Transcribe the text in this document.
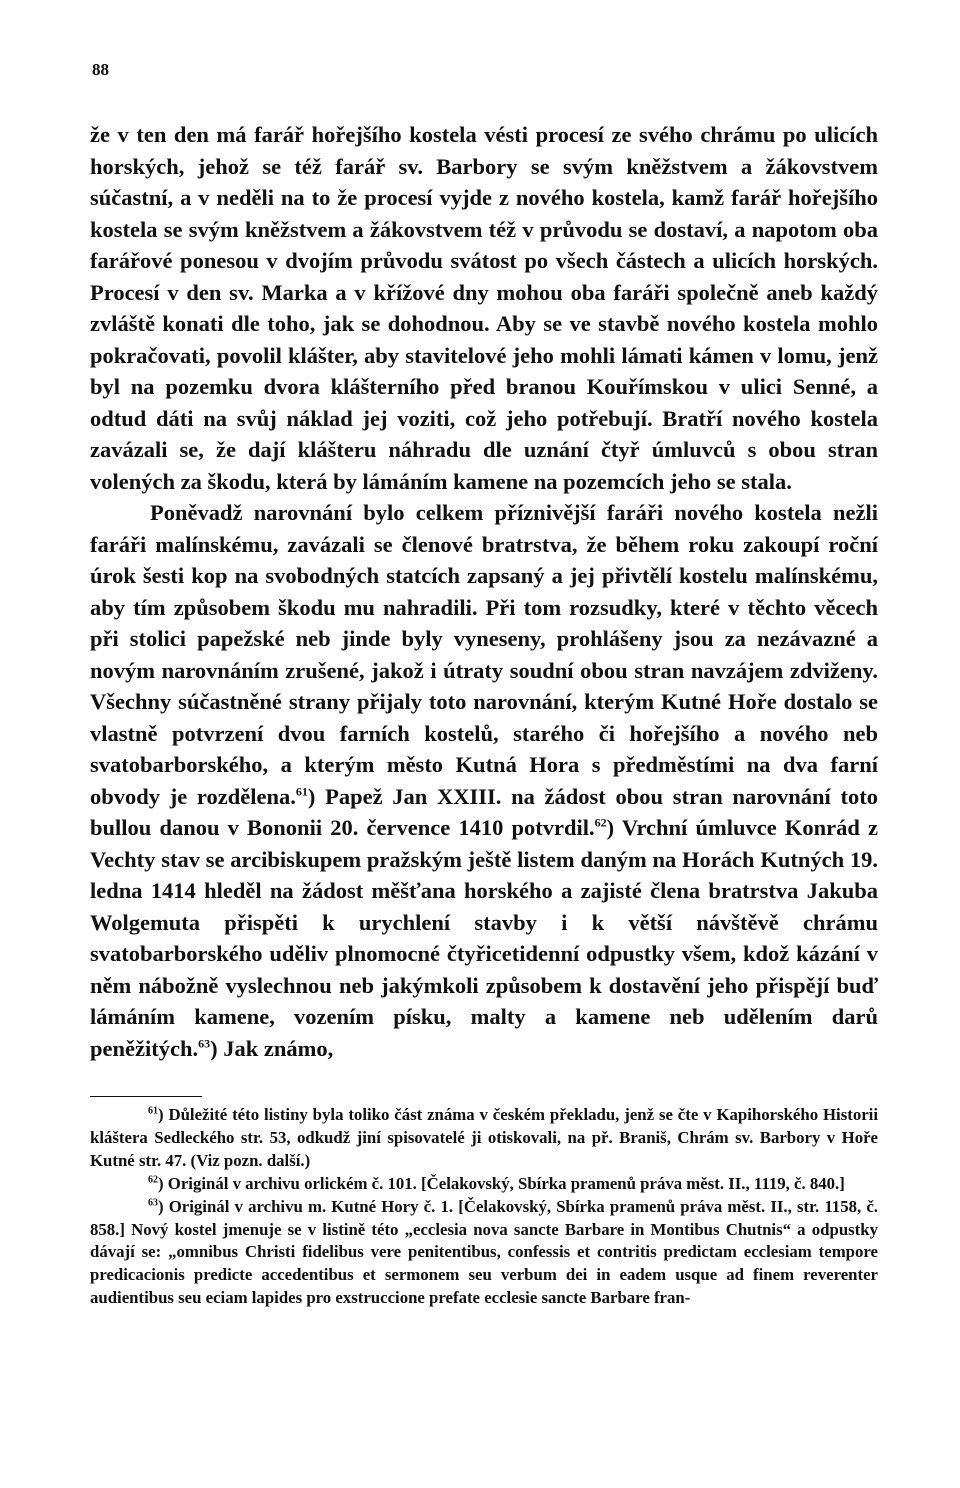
88

že v ten den má farář hořejšího kostela vésti procesí ze svého chrámu po ulicích horských, jehož se též farář sv. Barbory se svým kněžstvem a žákovstvem súčastní, a v neděli na to že procesí vyjde z nového kostela, kamž farář hořejšího kostela se svým kněžstvem a žákovstvem též v průvodu se dostaví, a napotom oba farářové ponesou v dvojím průvodu svátost po všech částech a ulicích horských. Procesí v den sv. Marka a v křížové dny mohou oba faráři společně aneb každý zvláště konati dle toho, jak se dohodnou. Aby se ve stavbě nového kostela mohlo pokračovati, povolil klášter, aby stavitelové jeho mohli lámati kámen v lomu, jenž byl na pozemku dvora klášterního před branou Kouřímskou v ulici Senné, a odtud dáti na svůj náklad jej voziti, což jeho potřebují. Bratří nového kostela zavázali se, že dají klášteru náhradu dle uznání čtyř úmluvců s obou stran volených za škodu, která by lámáním kamene na pozemcích jeho se stala.

Poněvadž narovnání bylo celkem příznivější faráři nového kostela nežli faráři malínskému, zavázali se členové bratrstva, že během roku zakoupí roční úrok šesti kop na svobodných statcích zapsaný a jej přivtělí kostelu malínskému, aby tím způsobem škodu mu nahradili. Při tom rozsudky, které v těchto věcech při stolici papežské neb jinde byly vyneseny, prohlášeny jsou za nezávazné a novým narovnáním zrušené, jakož i útraty soudní obou stran navzájem zdviženy. Všechny súčastněné strany přijaly toto narovnání, kterým Kutné Hoře dostalo se vlastně potvrzení dvou farních kostelů, starého či hořejšího a nového neb svatobarborského, a kterým město Kutná Hora s předměstími na dva farní obvody je rozdělena.$^{61}$) Papež Jan XXIII. na žádost obou stran narovnání toto bullou danou v Bononii 20. července 1410 potvrdil.$^{62}$) Vrchní úmluvce Konrád z Vechty stav se arcibiskupem pražským ještě listem daným na Horách Kutných 19. ledna 1414 hleděl na žádost měšťana horského a zajisté člena bratrstva Jakuba Wolgemuta přispěti k urychlení stavby i k větší návštěvě chrámu svatobarborského uděliv plnomocné čtyřicetidenní odpustky všem, kdož kázání v něm nábožně vyslechnou neb jakýmkoli způsobem k dostavění jeho přispějí buď lámáním kamene, vozením písku, malty a kamene neb udělením darů peněžitých.$^{63}$) Jak známo,

$^{61}$) Důležité této listiny byla toliko část známa v českém překladu, jenž se čte v Kapihorského Historii kláštera Sedleckého str. 53, odkudž jiní spisovatelé ji otiskovali, na př. Braniš, Chrám sv. Barbory v Hoře Kutné str. 47. (Viz pozn. další.)

$^{62}$) Originál v archivu orlickém č. 101. [Čelakovský, Sbírka pramenů práva měst. II., 1119, č. 840.]

$^{63}$) Originál v archivu m. Kutné Hory č. 1. [Čelakovský, Sbírka pramenů práva měst. II., str. 1158, č. 858.] Nový kostel jmenuje se v listině této „ecclesia nova sancte Barbare in Montibus Chutnis“ a odpustky dávají se: „omnibus Christi fidelibus vere penitentibus, confessis et contritis predictam ecclesiam tempore predicacionis predicte accedentibus et sermonem seu verbum dei in eadem usque ad finem reverenter audientibus seu eciam lapides pro exstruccione prefate ecclesie sancte Barbare fran-
